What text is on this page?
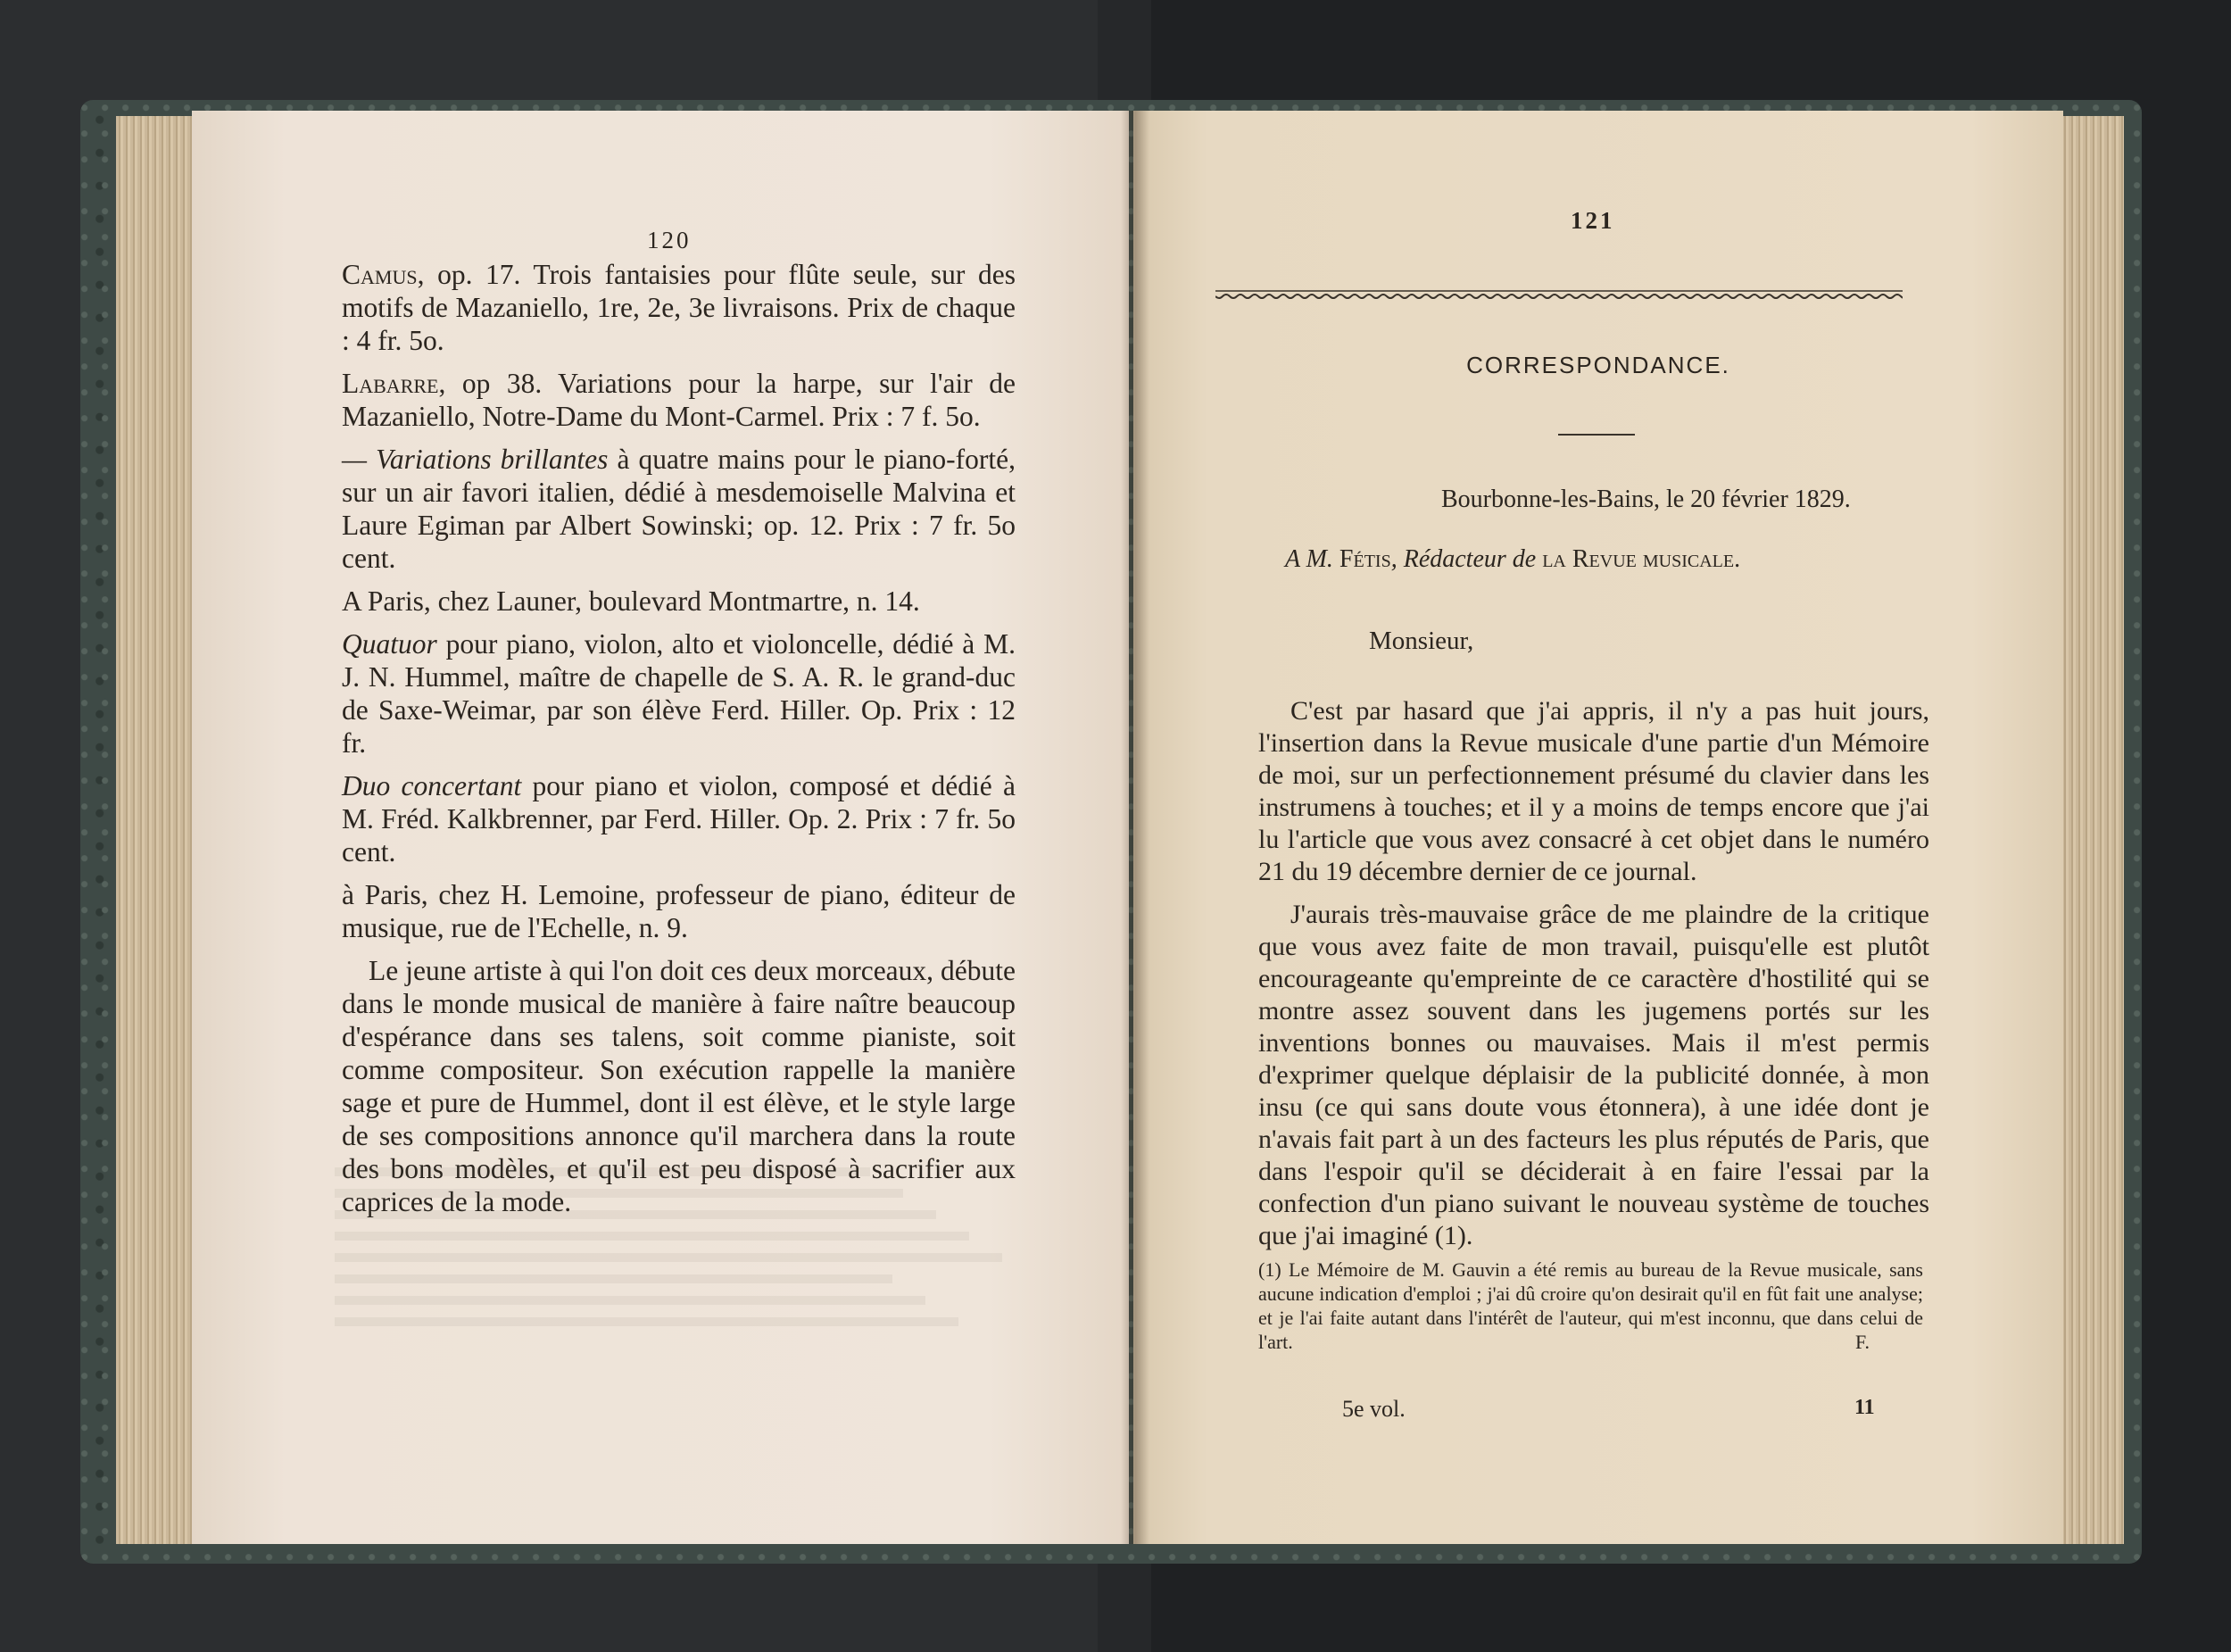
120

Camus, op. 17. Trois fantaisies pour flûte seule, sur des motifs de Mazaniello, 1re, 2e, 3e livraisons. Prix de chaque : 4 fr. 5o.

Labarre, op 38. Variations pour la harpe, sur l'air de Mazaniello, Notre-Dame du Mont-Carmel. Prix : 7 f. 5o.

— Variations brillantes à quatre mains pour le piano-forté, sur un air favori italien, dédié à mesdemoiselle Malvina et Laure Egiman par Albert Sowinski; op. 12. Prix : 7 fr. 5o cent.

A Paris, chez Launer, boulevard Montmartre, n. 14.

Quatuor pour piano, violon, alto et violoncelle, dédié à M. J. N. Hummel, maître de chapelle de S. A. R. le grand-duc de Saxe-Weimar, par son élève Ferd. Hiller. Op. Prix : 12 fr.

Duo concertant pour piano et violon, composé et dédié à M. Fréd. Kalkbrenner, par Ferd. Hiller. Op. 2. Prix : 7 fr. 5o cent.

à Paris, chez H. Lemoine, professeur de piano, éditeur de musique, rue de l'Echelle, n. 9.

Le jeune artiste à qui l'on doit ces deux morceaux, débute dans le monde musical de manière à faire naître beaucoup d'espérance dans ses talens, soit comme pianiste, soit comme compositeur. Son exécution rappelle la manière sage et pure de Hummel, dont il est élève, et le style large de ses compositions annonce qu'il marchera dans la route des bons modèles, et qu'il est peu disposé à sacrifier aux caprices de la mode.

121
CORRESPONDANCE.
Bourbonne-les-Bains, le 20 février 1829.
A M. Fétis, Rédacteur de la Revue musicale.
Monsieur,

C'est par hasard que j'ai appris, il n'y a pas huit jours, l'insertion dans la Revue musicale d'une partie d'un Mémoire de moi, sur un perfectionnement présumé du clavier dans les instrumens à touches; et il y a moins de temps encore que j'ai lu l'article que vous avez consacré à cet objet dans le numéro 21 du 19 décembre dernier de ce journal.

J'aurais très-mauvaise grâce de me plaindre de la critique que vous avez faite de mon travail, puisqu'elle est plutôt encourageante qu'empreinte de ce caractère d'hostilité qui se montre assez souvent dans les jugemens portés sur les inventions bonnes ou mauvaises. Mais il m'est permis d'exprimer quelque déplaisir de la publicité donnée, à mon insu (ce qui sans doute vous étonnera), à une idée dont je n'avais fait part à un des facteurs les plus réputés de Paris, que dans l'espoir qu'il se déciderait à en faire l'essai par la confection d'un piano suivant le nouveau système de touches que j'ai imaginé (1).

(1) Le Mémoire de M. Gauvin a été remis au bureau de la Revue musicale, sans aucune indication d'emploi ; j'ai dû croire qu'on desirait qu'il en fût fait une analyse; et je l'ai faite autant dans l'intérêt de l'auteur, qui m'est inconnu, que dans celui de l'art.	F.
5e vol.	11
